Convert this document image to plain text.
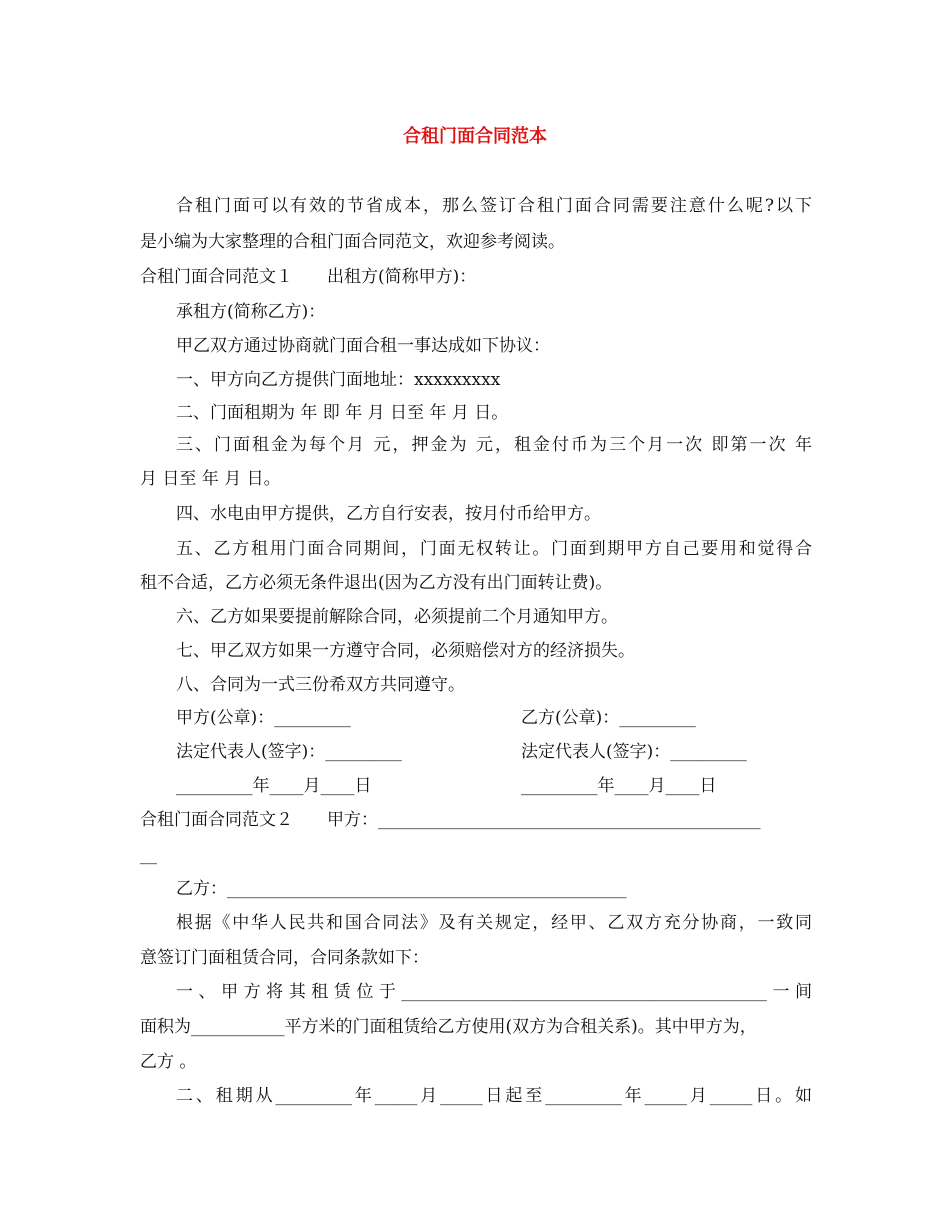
合租门面合同范本
合租门面可以有效的节省成本，那么签订合租门面合同需要注意什么呢?以下
是小编为大家整理的合租门面合同范文，欢迎参考阅读。
合租门面合同范文１　　出租方(简称甲方)：
承租方(简称乙方)：
甲乙双方通过协商就门面合租一事达成如下协议：
一、甲方向乙方提供门面地址：xxxxxxxxx
二、门面租期为 年 即 年 月 日至 年 月 日。
三、门面租金为每个月 元，押金为 元，租金付币为三个月一次 即第一次 年
月 日至 年 月 日。
四、水电由甲方提供，乙方自行安表，按月付币给甲方。
五、乙方租用门面合同期间，门面无权转让。门面到期甲方自己要用和觉得合
租不合适，乙方必须无条件退出(因为乙方没有出门面转让费)。
六、乙方如果要提前解除合同，必须提前二个月通知甲方。
七、甲乙双方如果一方遵守合同，必须赔偿对方的经济损失。
八、合同为一式三份希双方共同遵守。
甲方(公章)：_________	乙方(公章)：_________
法定代表人(签字)：_________	法定代表人(签字)：_________
_________年____月____日	_________年____月____日
合租门面合同范文２　　甲方：_____________________________________________
__
乙方：_______________________________________________
根据《中华人民共和国合同法》及有关规定，经甲、乙双方充分协商，一致同
意签订门面租赁合同，合同条款如下：
一、甲方将其租赁位于___________________________________________一间
面积为___________平方米的门面租赁给乙方使用(双方为合租关系)。其中甲方为，
乙方 。
二、租期从_________年_____月_____日起至_________年_____月_____日。如
